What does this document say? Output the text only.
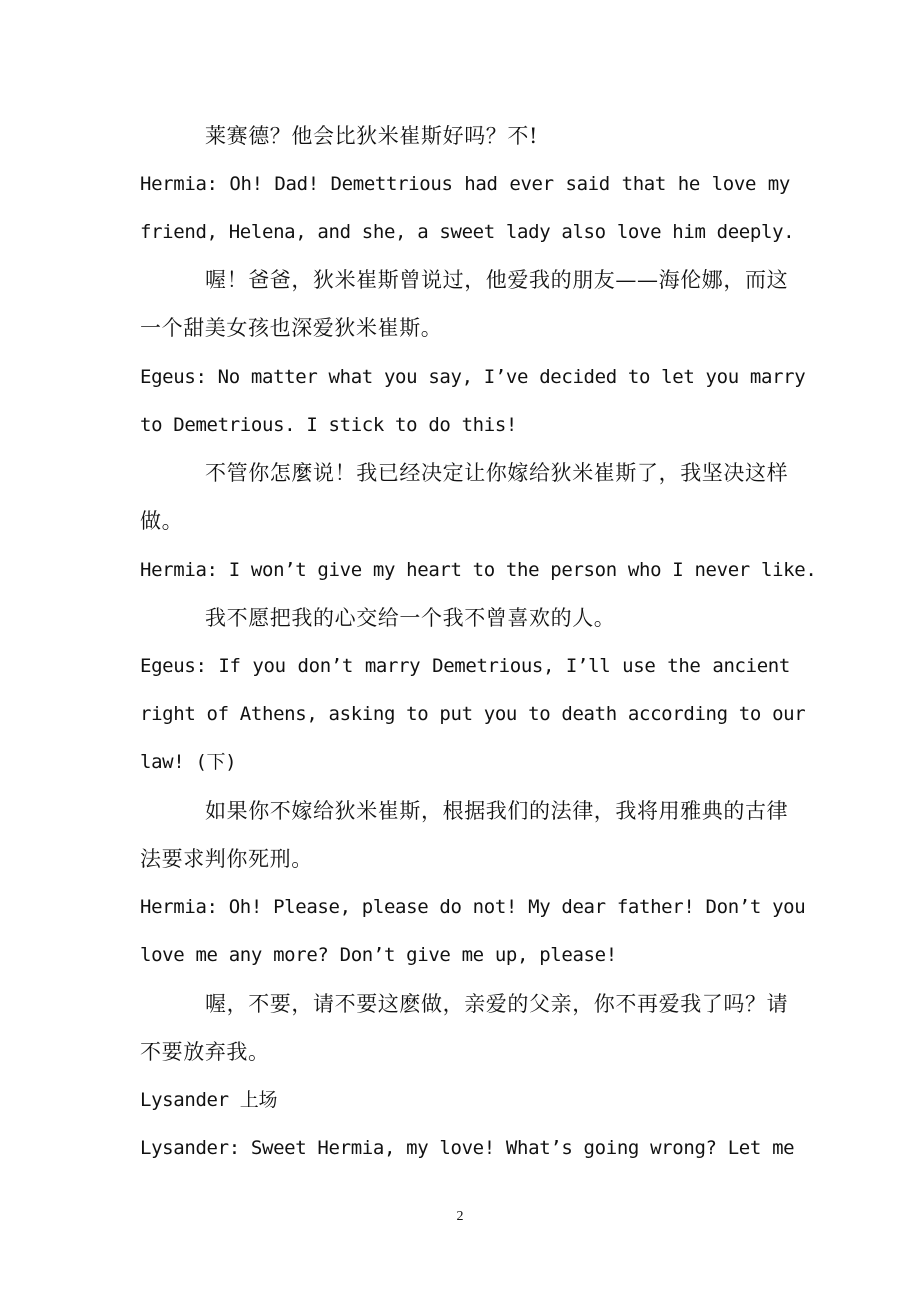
莱赛德？他会比狄米崔斯好吗？不!
Hermia: Oh! Dad! Demettrious had ever said that he love my
friend, Helena, and she, a sweet lady also love him deeply.
喔！爸爸，狄米崔斯曾说过，他爱我的朋友——海伦娜，而这
一个甜美女孩也深爱狄米崔斯。
Egeus: No matter what you say, I’ve decided to let you marry
to Demetrious. I stick to do this!
不管你怎麼说！我已经决定让你嫁给狄米崔斯了，我坚决这样
做。
Hermia: I won’t give my heart to the person who I never like.
我不愿把我的心交给一个我不曾喜欢的人。
Egeus: If you don’t marry Demetrious, I’ll use the ancient
right of Athens, asking to put you to death according to our
law! (下)
如果你不嫁给狄米崔斯，根据我们的法律，我将用雅典的古律
法要求判你死刑。
Hermia: Oh! Please, please do not! My dear father! Don’t you
love me any more? Don’t give me up, please!
喔，不要，请不要这麽做，亲爱的父亲，你不再爱我了吗？请
不要放弃我。
Lysander 上场
Lysander: Sweet Hermia, my love! What’s going wrong? Let me
2
